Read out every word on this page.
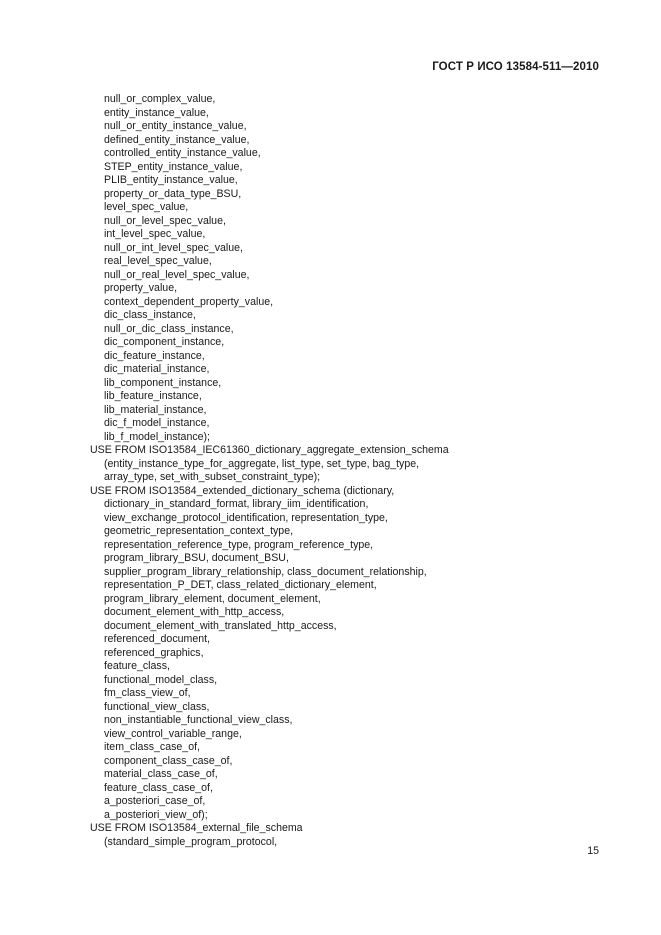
ГОСТ Р ИСО 13584-511—2010
null_or_complex_value,
entity_instance_value,
null_or_entity_instance_value,
defined_entity_instance_value,
controlled_entity_instance_value,
STEP_entity_instance_value,
PLIB_entity_instance_value,
property_or_data_type_BSU,
level_spec_value,
null_or_level_spec_value,
int_level_spec_value,
null_or_int_level_spec_value,
real_level_spec_value,
null_or_real_level_spec_value,
property_value,
context_dependent_property_value,
dic_class_instance,
null_or_dic_class_instance,
dic_component_instance,
dic_feature_instance,
dic_material_instance,
lib_component_instance,
lib_feature_instance,
lib_material_instance,
dic_f_model_instance,
lib_f_model_instance);
USE FROM ISO13584_IEC61360_dictionary_aggregate_extension_schema
(entity_instance_type_for_aggregate, list_type, set_type, bag_type,
array_type, set_with_subset_constraint_type);
USE FROM ISO13584_extended_dictionary_schema (dictionary,
dictionary_in_standard_format, library_iim_identification,
view_exchange_protocol_identification, representation_type,
geometric_representation_context_type,
representation_reference_type, program_reference_type,
program_library_BSU, document_BSU,
supplier_program_library_relationship, class_document_relationship,
representation_P_DET, class_related_dictionary_element,
program_library_element, document_element,
document_element_with_http_access,
document_element_with_translated_http_access,
referenced_document,
referenced_graphics,
feature_class,
functional_model_class,
fm_class_view_of,
functional_view_class,
non_instantiable_functional_view_class,
view_control_variable_range,
item_class_case_of,
component_class_case_of,
material_class_case_of,
feature_class_case_of,
a_posteriori_case_of,
a_posteriori_view_of);
USE FROM ISO13584_external_file_schema
(standard_simple_program_protocol,
15
